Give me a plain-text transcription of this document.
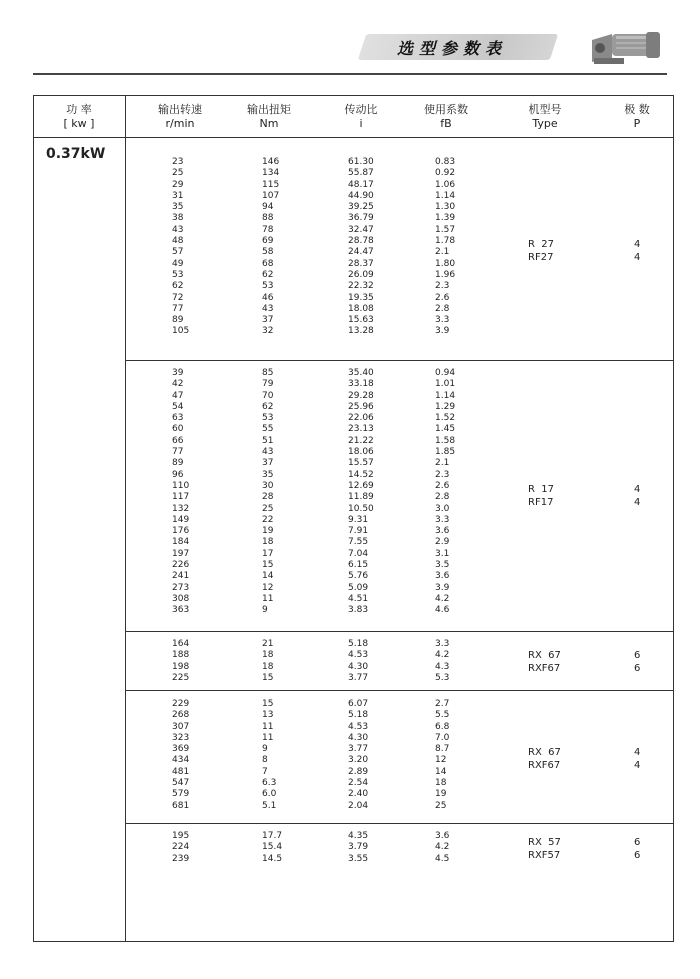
选型参数表
功 率
[ kw ]
输出转速
r/min
输出扭矩
Nm
传动比
i
使用系数
fB
机型号
Type
极 数
P
0.37kW	23
25
29
31
35
38
43
48
57
49
53
62
72
77
89
105
146
134
115
107
94
88
78
69
58
68
62
53
46
43
37
32
61.30
55.87
48.17
44.90
39.25
36.79
32.47
28.78
24.47
28.37
26.09
22.32
19.35
18.08
15.63
13.28
0.83
0.92
1.06
1.14
1.30
1.39
1.57
1.78
2.1
1.80
1.96
2.3
2.6
2.8
3.3
3.9
R  27
RF27
4
4
39
42
47
54
63
60
66
77
89
96
110
117
132
149
176
184
197
226
241
273
308
363
85
79
70
62
53
55
51
43
37
35
30
28
25
22
19
18
17
15
14
12
11
9
35.40
33.18
29.28
25.96
22.06
23.13
21.22
18.06
15.57
14.52
12.69
11.89
10.50
9.31
7.91
7.55
7.04
6.15
5.76
5.09
4.51
3.83
0.94
1.01
1.14
1.29
1.52
1.45
1.58
1.85
2.1
2.3
2.6
2.8
3.0
3.3
3.6
2.9
3.1
3.5
3.6
3.9
4.2
4.6
R  17
RF17
4
4
164
188
198
225
21
18
18
15
5.18
4.53
4.30
3.77
3.3
4.2
4.3
5.3
RX  67
RXF67
6
6
229
268
307
323
369
434
481
547
579
681
15
13
11
11
9
8
7
6.3
6.0
5.1
6.07
5.18
4.53
4.30
3.77
3.20
2.89
2.54
2.40
2.04
2.7
5.5
6.8
7.0
8.7
12
14
18
19
25
RX  67
RXF67
4
4
195
224
239
17.7
15.4
14.5
4.35
3.79
3.55
3.6
4.2
4.5
RX  57
RXF57
6
6
